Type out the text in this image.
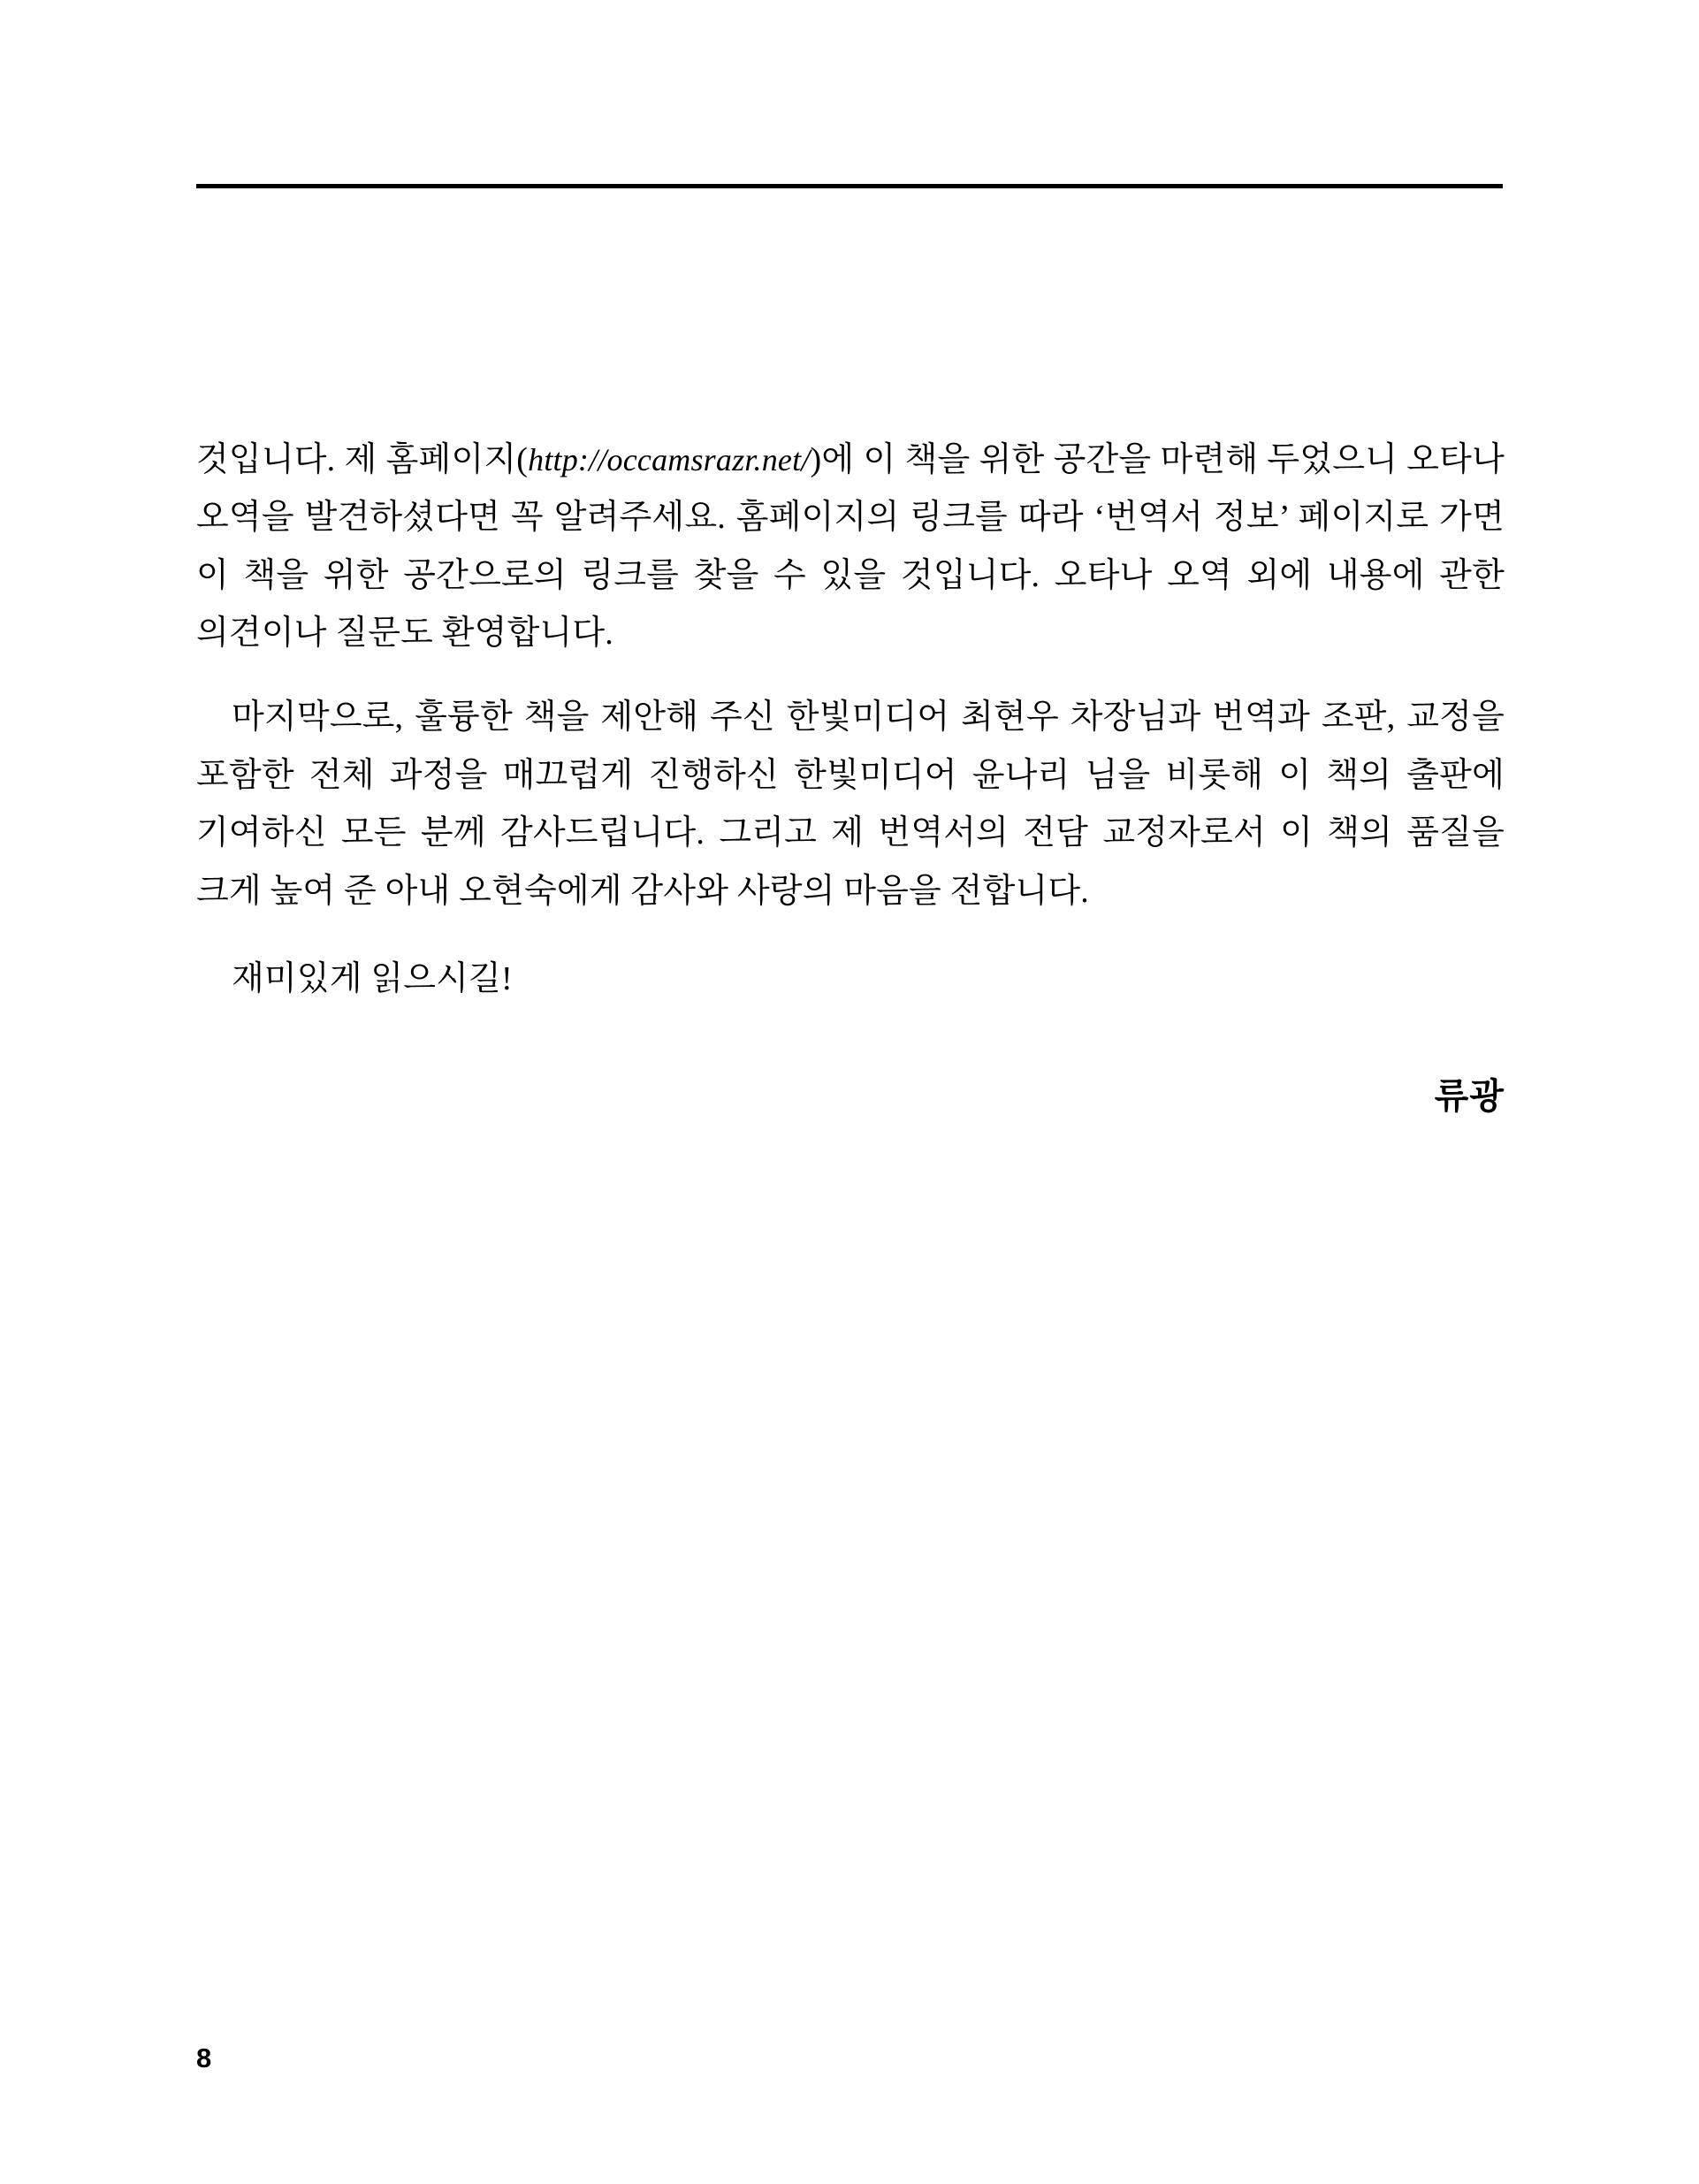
것입니다. 제 홈페이지(http://occamsrazr.net/)에 이 책을 위한 공간을 마련해 두었으니 오타나 오역을 발견하셨다면 꼭 알려주세요. 홈페이지의 링크를 따라 ‘번역서 정보’ 페이지로 가면 이 책을 위한 공간으로의 링크를 찾을 수 있을 것입니다. 오타나 오역 외에 내용에 관한 의견이나 질문도 환영합니다.

마지막으로, 훌륭한 책을 제안해 주신 한빛미디어 최현우 차장님과 번역과 조판, 교정을 포함한 전체 과정을 매끄럽게 진행하신 한빛미디어 윤나리 님을 비롯해 이 책의 출판에 기여하신 모든 분께 감사드립니다. 그리고 제 번역서의 전담 교정자로서 이 책의 품질을 크게 높여 준 아내 오현숙에게 감사와 사랑의 마음을 전합니다.

재미있게 읽으시길!

류광
8
